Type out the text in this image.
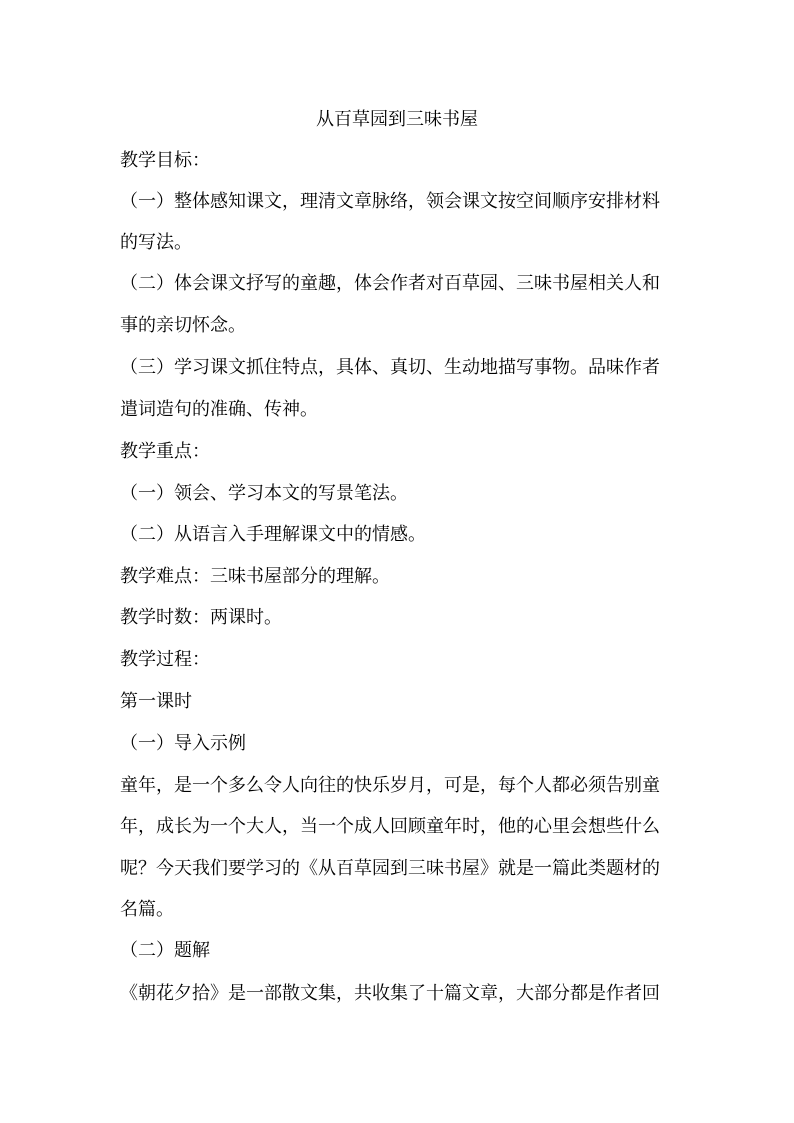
从百草园到三味书屋
教学目标：
（一）整体感知课文，理清文章脉络，领会课文按空间顺序安排材料
的写法。
（二）体会课文抒写的童趣，体会作者对百草园、三味书屋相关人和
事的亲切怀念。
（三）学习课文抓住特点，具体、真切、生动地描写事物。品味作者
遣词造句的准确、传神。
教学重点：
（一）领会、学习本文的写景笔法。
（二）从语言入手理解课文中的情感。
教学难点：三味书屋部分的理解。
教学时数：两课时。
教学过程：
第一课时
（一）导入示例
童年，是一个多么令人向往的快乐岁月，可是，每个人都必须告别童
年，成长为一个大人，当一个成人回顾童年时，他的心里会想些什么
呢？今天我们要学习的《从百草园到三味书屋》就是一篇此类题材的
名篇。
（二）题解
《朝花夕拾》是一部散文集，共收集了十篇文章，大部分都是作者回
